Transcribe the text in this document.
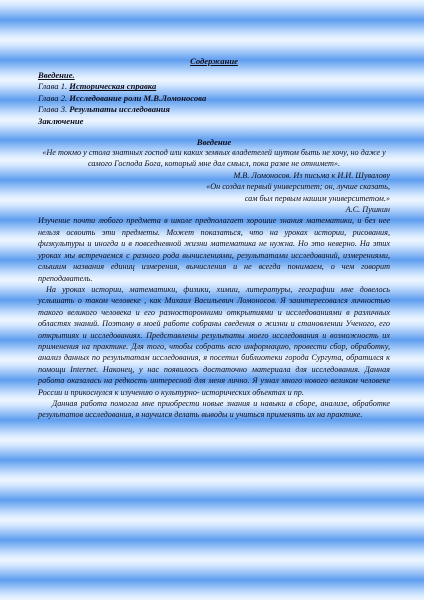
Содержание
Введение.
Глава 1. Историческая справка
Глава 2. Исследование роли М.В.Ломоносова
Глава 3. Результаты исследования
Заключение
Введение

«Не токмо у стола знатных господ или каких земных владетелей шутом быть не хочу, но даже у самого Господа Бога, который мне дал смысл, пока разве не отнимет».

М.В. Ломоносов. Из письма к И.И. Шувалову

«Он создал первый университет; он, лучше сказать,

сам был первым нашим университетом.»

А.С. Пушкин

Изучение почти любого предмета в школе предполагает хорошие знания математики, и без нее нельзя освоить эти предметы. Может показаться, что на уроках истории, рисования, физкультуры и иногда и в повседневной жизни математика не нужна. Но это неверно. На этих уроках мы встречаемся с разного рода вычислениями, результатами исследований, измерениями, слышим названия единиц измерения, вычисления и не всегда понимаем, о чем говорит преподаватель.

На уроках истории, математики, физики, химии, литературы, географии мне довелось услышать о таком человеке , как Михаил Васильевич Ломоносов. Я заинтересовался личностью такого великого человека и его разносторонними открытиями и исследованиями в различных областях знаний. Поэтому в моей работе собраны сведения о жизни и становлении Ученого, его открытиях и исследованиях. Представлены результаты моего исследования и возможность их применения на практике. Для того, чтобы собрать всю информацию, провести сбор, обработку, анализ данных по результатам исследования, я посетил библиотеки города Сургута, обратился к помощи Internet. Наконец, у нас появилось достаточно материала для исследования. Данная работа оказалась на редкость интересной для меня лично. Я узнал много нового великом человеке России и прикоснулся к изучению о культурно- исторических объектах и пр.

Данная работа помогла мне приобрести новые знания и навыки в сборе, анализе, обработке результатов исследования, я научился делать выводы и учиться применять их на практике.
